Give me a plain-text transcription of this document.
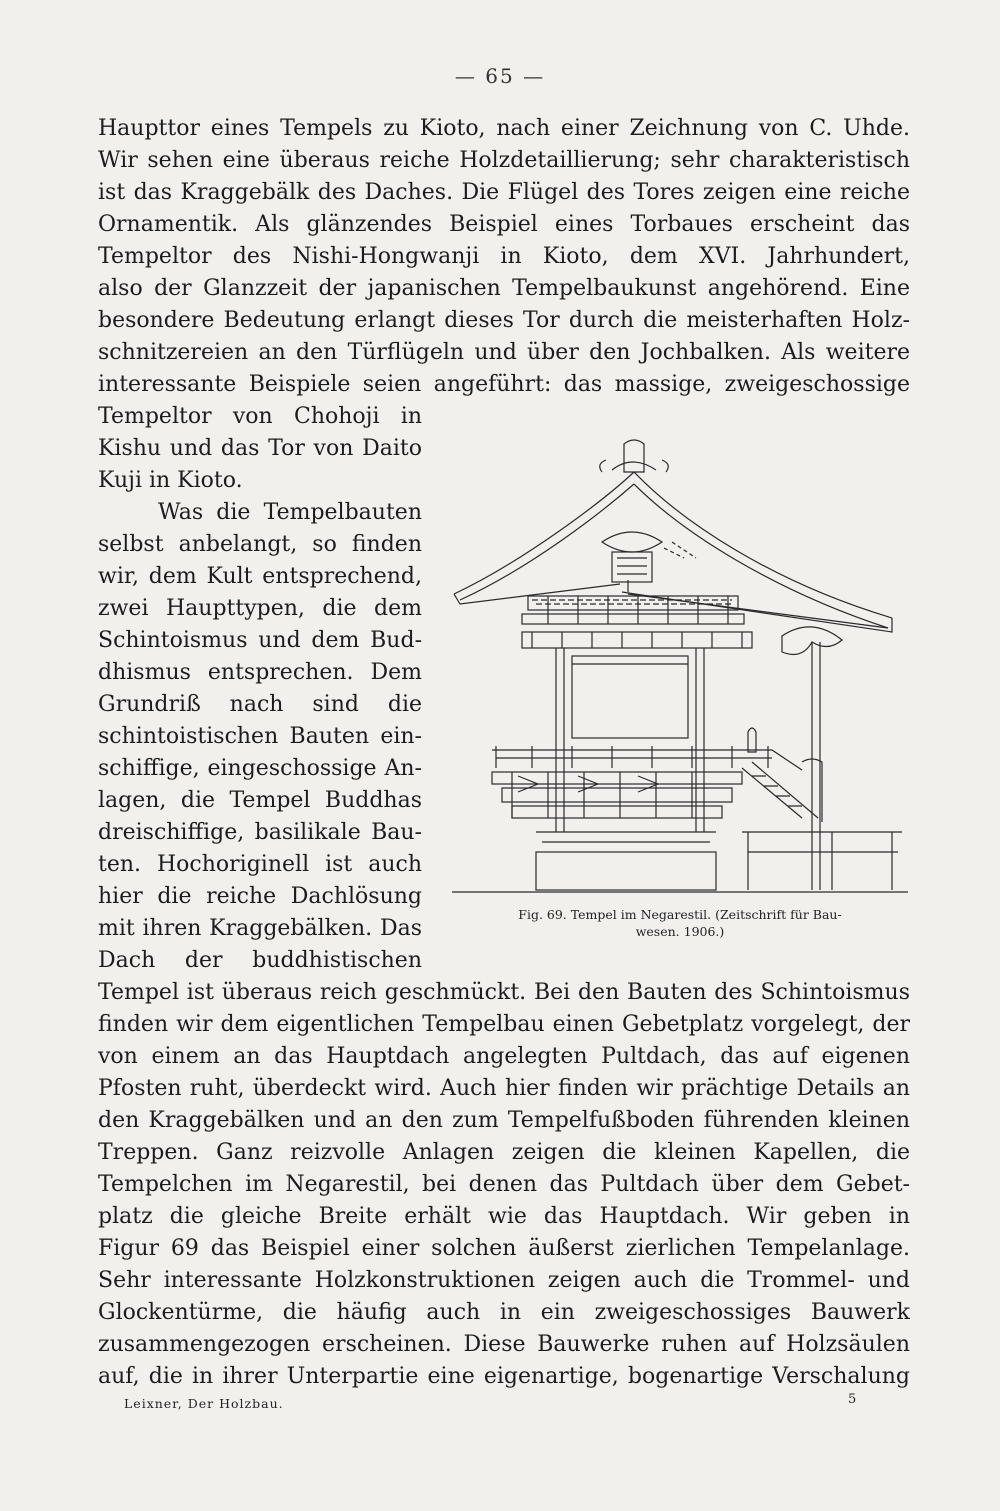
— 65 —
Haupttor eines Tempels zu Kioto, nach einer Zeichnung von C. Uhde.
Wir sehen eine überaus reiche Holzdetaillierung; sehr charakteristisch
ist das Kraggebälk des Daches. Die Flügel des Tores zeigen eine reiche
Ornamentik. Als glänzendes Beispiel eines Torbaues erscheint das
Tempeltor des Nishi-Hongwanji in Kioto, dem XVI. Jahrhundert,
also der Glanzzeit der japanischen Tempelbaukunst angehörend. Eine
besondere Bedeutung erlangt dieses Tor durch die meisterhaften Holz-
schnitzereien an den Türflügeln und über den Jochbalken. Als weitere
interessante Beispiele seien angeführt: das massige, zweigeschossige
Tempeltor von Chohoji in
Kishu und das Tor von Daito
Kuji in Kioto.
Was die Tempelbauten
selbst anbelangt, so finden
wir, dem Kult entsprechend,
zwei Haupttypen, die dem
Schintoismus und dem Bud-
dhismus entsprechen. Dem
Grundriß nach sind die
schintoistischen Bauten ein-
schiffige, eingeschossige An-
lagen, die Tempel Buddhas
dreischiffige, basilikale Bau-
ten. Hochoriginell ist auch
hier die reiche Dachlösung
mit ihren Kraggebälken. Das
Dach der buddhistischen
Tempel ist überaus reich geschmückt. Bei den Bauten des Schintoismus
finden wir dem eigentlichen Tempelbau einen Gebetplatz vorgelegt, der
von einem an das Hauptdach angelegten Pultdach, das auf eigenen
Pfosten ruht, überdeckt wird. Auch hier finden wir prächtige Details an
den Kraggebälken und an den zum Tempelfußboden führenden kleinen
Treppen. Ganz reizvolle Anlagen zeigen die kleinen Kapellen, die
Tempelchen im Negarestil, bei denen das Pultdach über dem Gebet-
platz die gleiche Breite erhält wie das Hauptdach. Wir geben in
Figur 69 das Beispiel einer solchen äußerst zierlichen Tempelanlage.
Sehr interessante Holzkonstruktionen zeigen auch die Trommel- und
Glockentürme, die häufig auch in ein zweigeschossiges Bauwerk
zusammengezogen erscheinen. Diese Bauwerke ruhen auf Holzsäulen
auf, die in ihrer Unterpartie eine eigenartige, bogenartige Verschalung
Fig. 69. Tempel im Negarestil. (Zeitschrift für Bau-
wesen. 1906.)
Leixner, Der Holzbau.	5
